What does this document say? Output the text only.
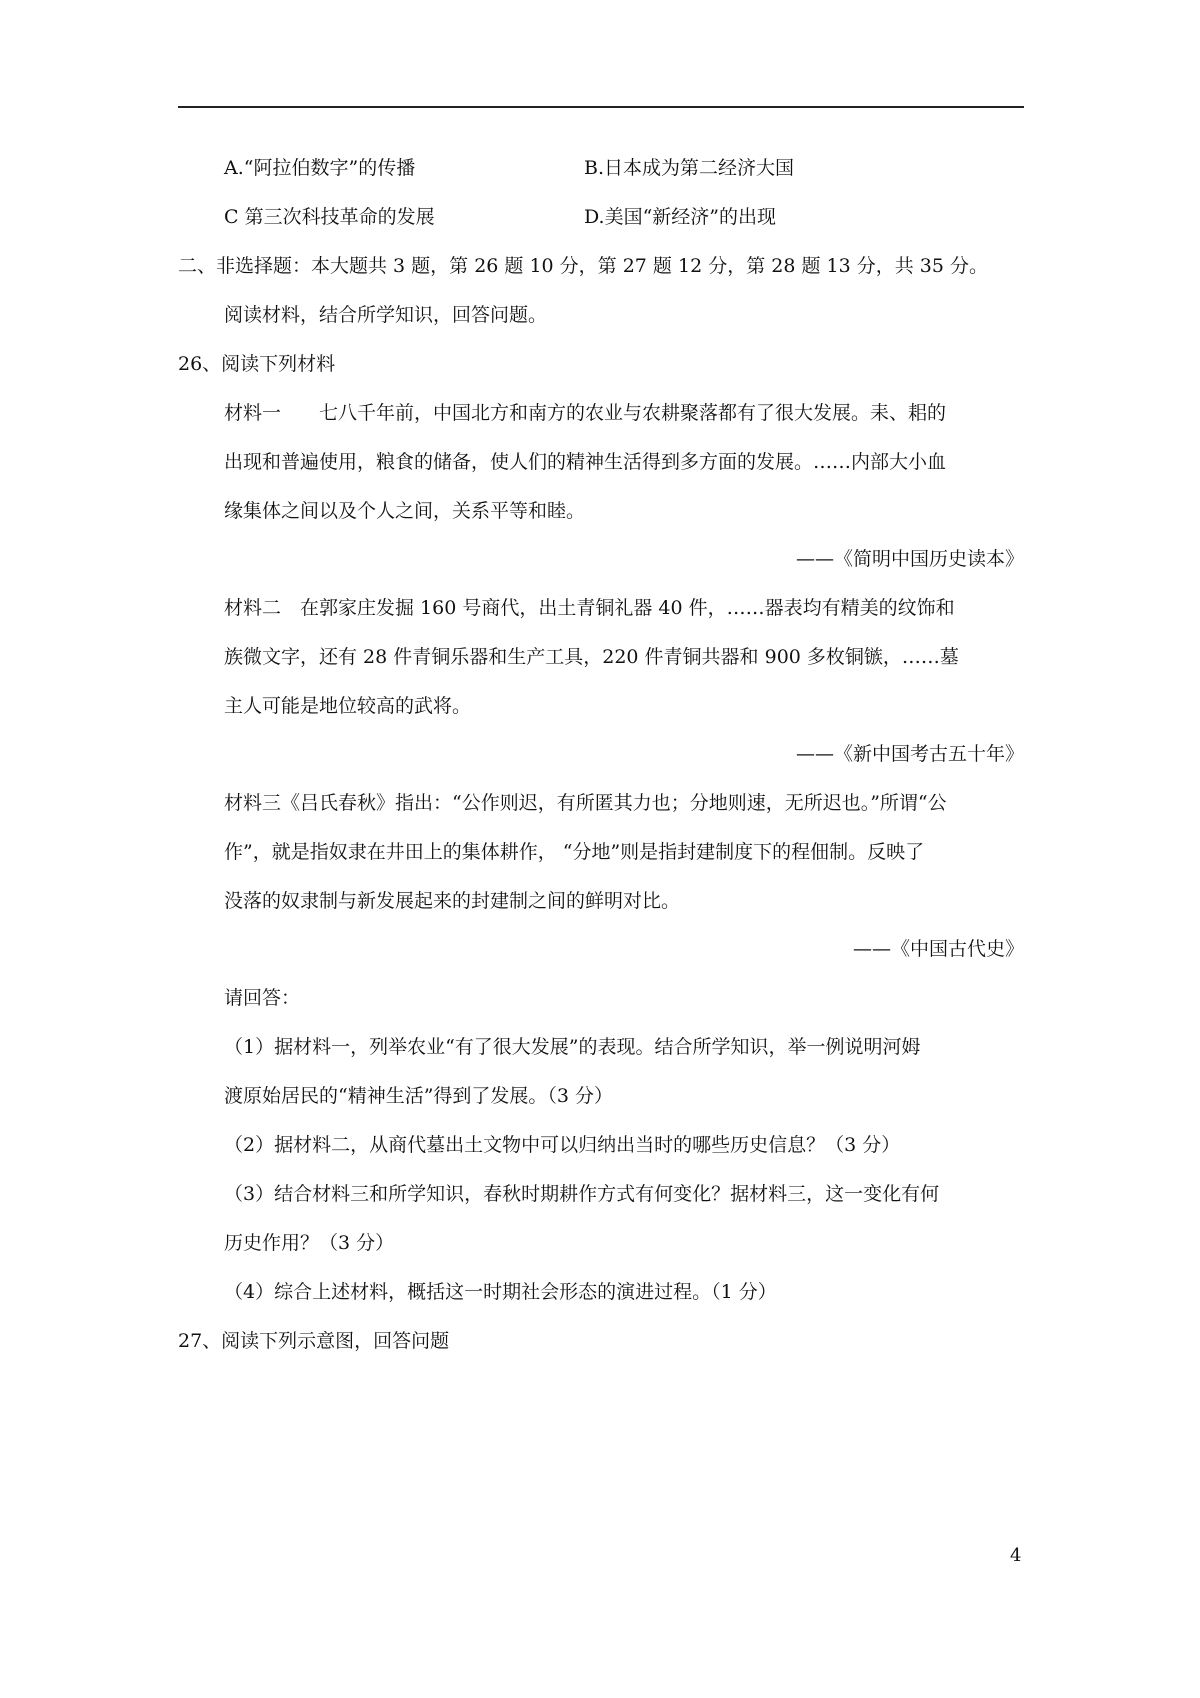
A.“阿拉伯数字”的传播	B.日本成为第二经济大国
C 第三次科技革命的发展	D.美国“新经济”的出现
二、非选择题：本大题共 3 题，第 26 题 10 分，第 27 题 12 分，第 28 题 13 分，共 35 分。
阅读材料，结合所学知识，回答问题。
26、阅读下列材料
材料一　　七八千年前，中国北方和南方的农业与农耕聚落都有了很大发展。耒、耜的
出现和普遍使用，粮食的储备，使人们的精神生活得到多方面的发展。……内部大小血
缘集体之间以及个人之间，关系平等和睦。
——《简明中国历史读本》
材料二　在郭家庄发掘 160 号商代，出土青铜礼器 40 件，……器表均有精美的纹饰和
族微文字，还有 28 件青铜乐器和生产工具，220 件青铜共器和 900 多枚铜镞，……墓
主人可能是地位较高的武将。
——《新中国考古五十年》
材料三《吕氏春秋》指出：“公作则迟，有所匿其力也；分地则速，无所迟也。”所谓“公
作”，就是指奴隶在井田上的集体耕作， “分地”则是指封建制度下的程佃制。反映了
没落的奴隶制与新发展起来的封建制之间的鲜明对比。
——《中国古代史》
请回答：
（1）据材料一，列举农业“有了很大发展”的表现。结合所学知识，举一例说明河姆
渡原始居民的“精神生活”得到了发展。（3 分）
（2）据材料二，从商代墓出土文物中可以归纳出当时的哪些历史信息？（3 分）
（3）结合材料三和所学知识，春秋时期耕作方式有何变化？据材料三，这一变化有何
历史作用？（3 分）
（4）综合上述材料，概括这一时期社会形态的演进过程。（1 分）
27、阅读下列示意图，回答问题
4
